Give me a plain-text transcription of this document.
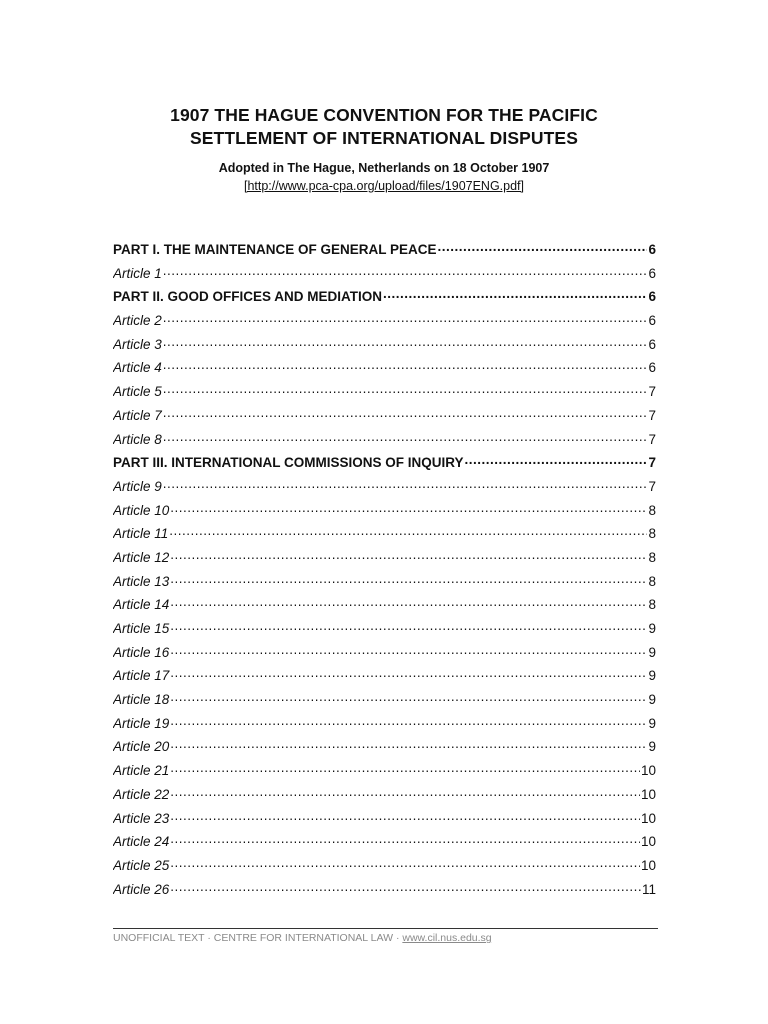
1907 THE HAGUE CONVENTION FOR THE PACIFIC
SETTLEMENT OF INTERNATIONAL DISPUTES
Adopted in The Hague, Netherlands on 18 October 1907
[http://www.pca-cpa.org/upload/files/1907ENG.pdf]
PART I. THE MAINTENANCE OF GENERAL PEACE .....	6
Article 1 .....	6
PART II. GOOD OFFICES AND MEDIATION .....	6
Article 2 .....	6
Article 3 .....	6
Article 4 .....	6
Article 5 .....	7
Article 7 .....	7
Article 8 .....	7
PART III. INTERNATIONAL COMMISSIONS OF INQUIRY .....	7
Article 9 .....	7
Article 10 .....	8
Article 11 .....	8
Article 12 .....	8
Article 13 .....	8
Article 14 .....	8
Article 15 .....	9
Article 16 .....	9
Article 17 .....	9
Article 18 .....	9
Article 19 .....	9
Article 20 .....	9
Article 21 .....	10
Article 22 .....	10
Article 23 .....	10
Article 24 .....	10
Article 25 .....	10
Article 26 .....	11
UNOFFICIAL TEXT · CENTRE FOR INTERNATIONAL LAW · www.cil.nus.edu.sg
